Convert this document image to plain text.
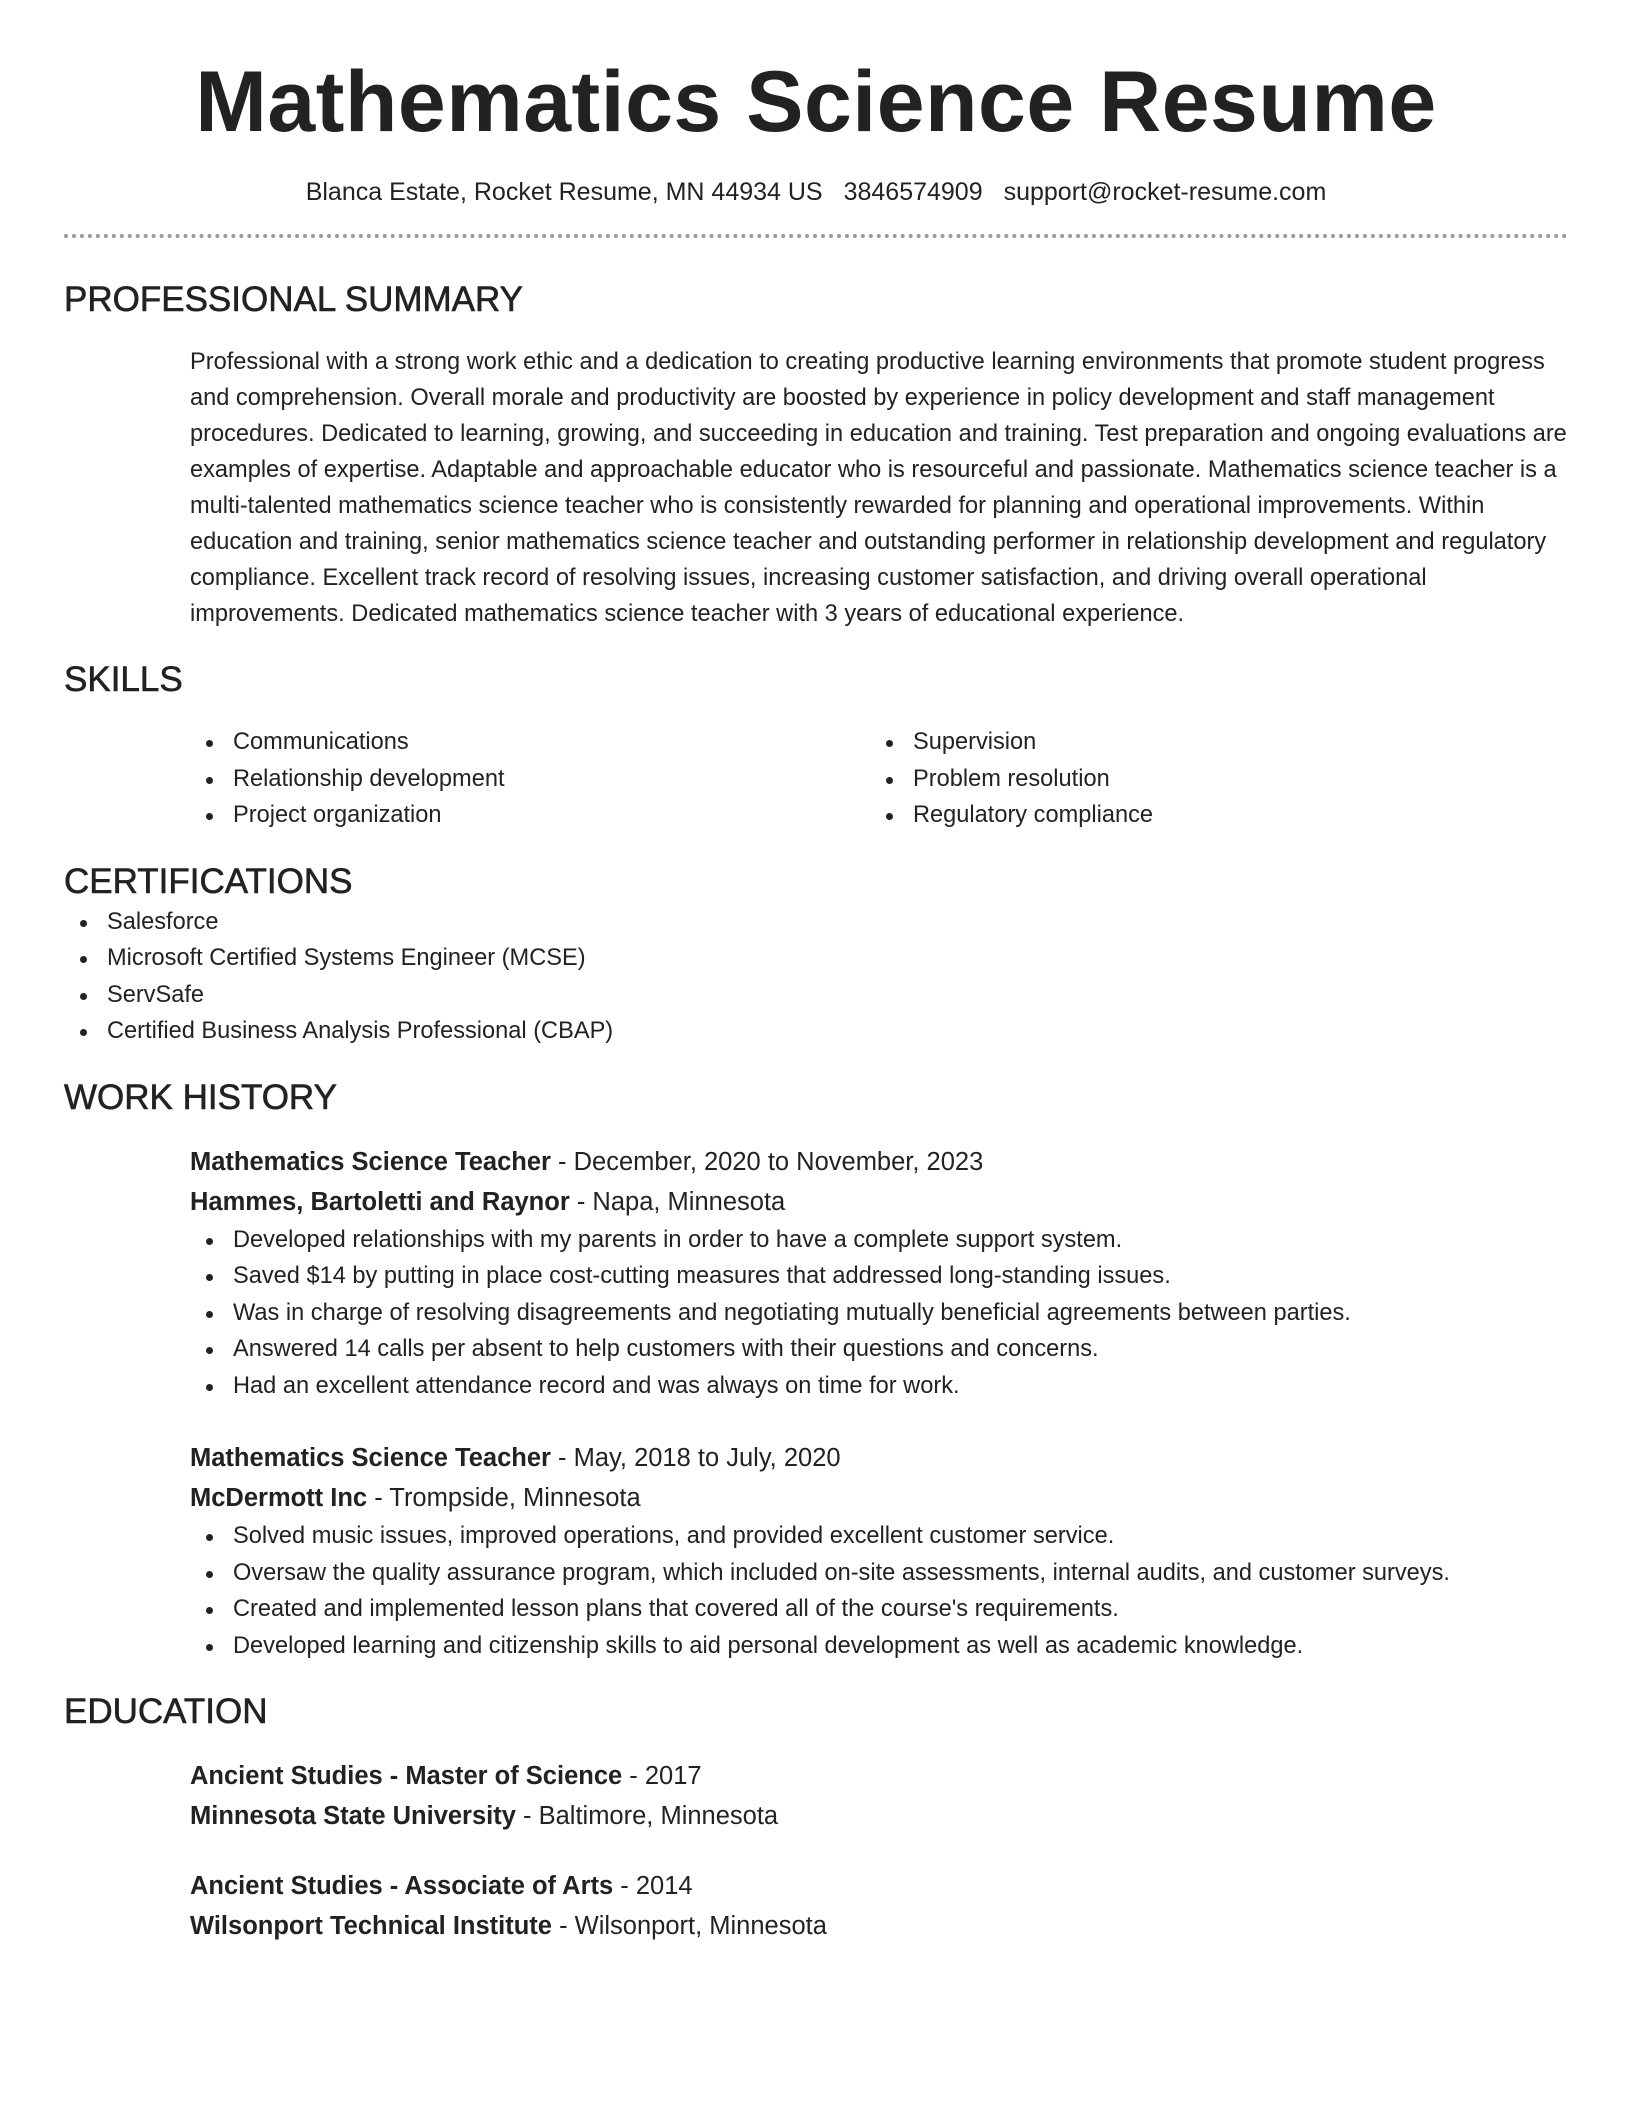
Mathematics Science Resume
Blanca Estate, Rocket Resume, MN 44934 US 3846574909 support@rocket-resume.com
PROFESSIONAL SUMMARY
Professional with a strong work ethic and a dedication to creating productive learning environments that promote student progress and comprehension. Overall morale and productivity are boosted by experience in policy development and staff management procedures. Dedicated to learning, growing, and succeeding in education and training. Test preparation and ongoing evaluations are examples of expertise. Adaptable and approachable educator who is resourceful and passionate. Mathematics science teacher is a multi-talented mathematics science teacher who is consistently rewarded for planning and operational improvements. Within education and training, senior mathematics science teacher and outstanding performer in relationship development and regulatory compliance. Excellent track record of resolving issues, increasing customer satisfaction, and driving overall operational improvements. Dedicated mathematics science teacher with 3 years of educational experience.
SKILLS
Communications
Relationship development
Project organization
Supervision
Problem resolution
Regulatory compliance
CERTIFICATIONS
Salesforce
Microsoft Certified Systems Engineer (MCSE)
ServSafe
Certified Business Analysis Professional (CBAP)
WORK HISTORY
Mathematics Science Teacher - December, 2020 to November, 2023
Hammes, Bartoletti and Raynor - Napa, Minnesota
Developed relationships with my parents in order to have a complete support system.
Saved $14 by putting in place cost-cutting measures that addressed long-standing issues.
Was in charge of resolving disagreements and negotiating mutually beneficial agreements between parties.
Answered 14 calls per absent to help customers with their questions and concerns.
Had an excellent attendance record and was always on time for work.
Mathematics Science Teacher - May, 2018 to July, 2020
McDermott Inc - Trompside, Minnesota
Solved music issues, improved operations, and provided excellent customer service.
Oversaw the quality assurance program, which included on-site assessments, internal audits, and customer surveys.
Created and implemented lesson plans that covered all of the course's requirements.
Developed learning and citizenship skills to aid personal development as well as academic knowledge.
EDUCATION
Ancient Studies - Master of Science - 2017
Minnesota State University - Baltimore, Minnesota
Ancient Studies - Associate of Arts - 2014
Wilsonport Technical Institute - Wilsonport, Minnesota
